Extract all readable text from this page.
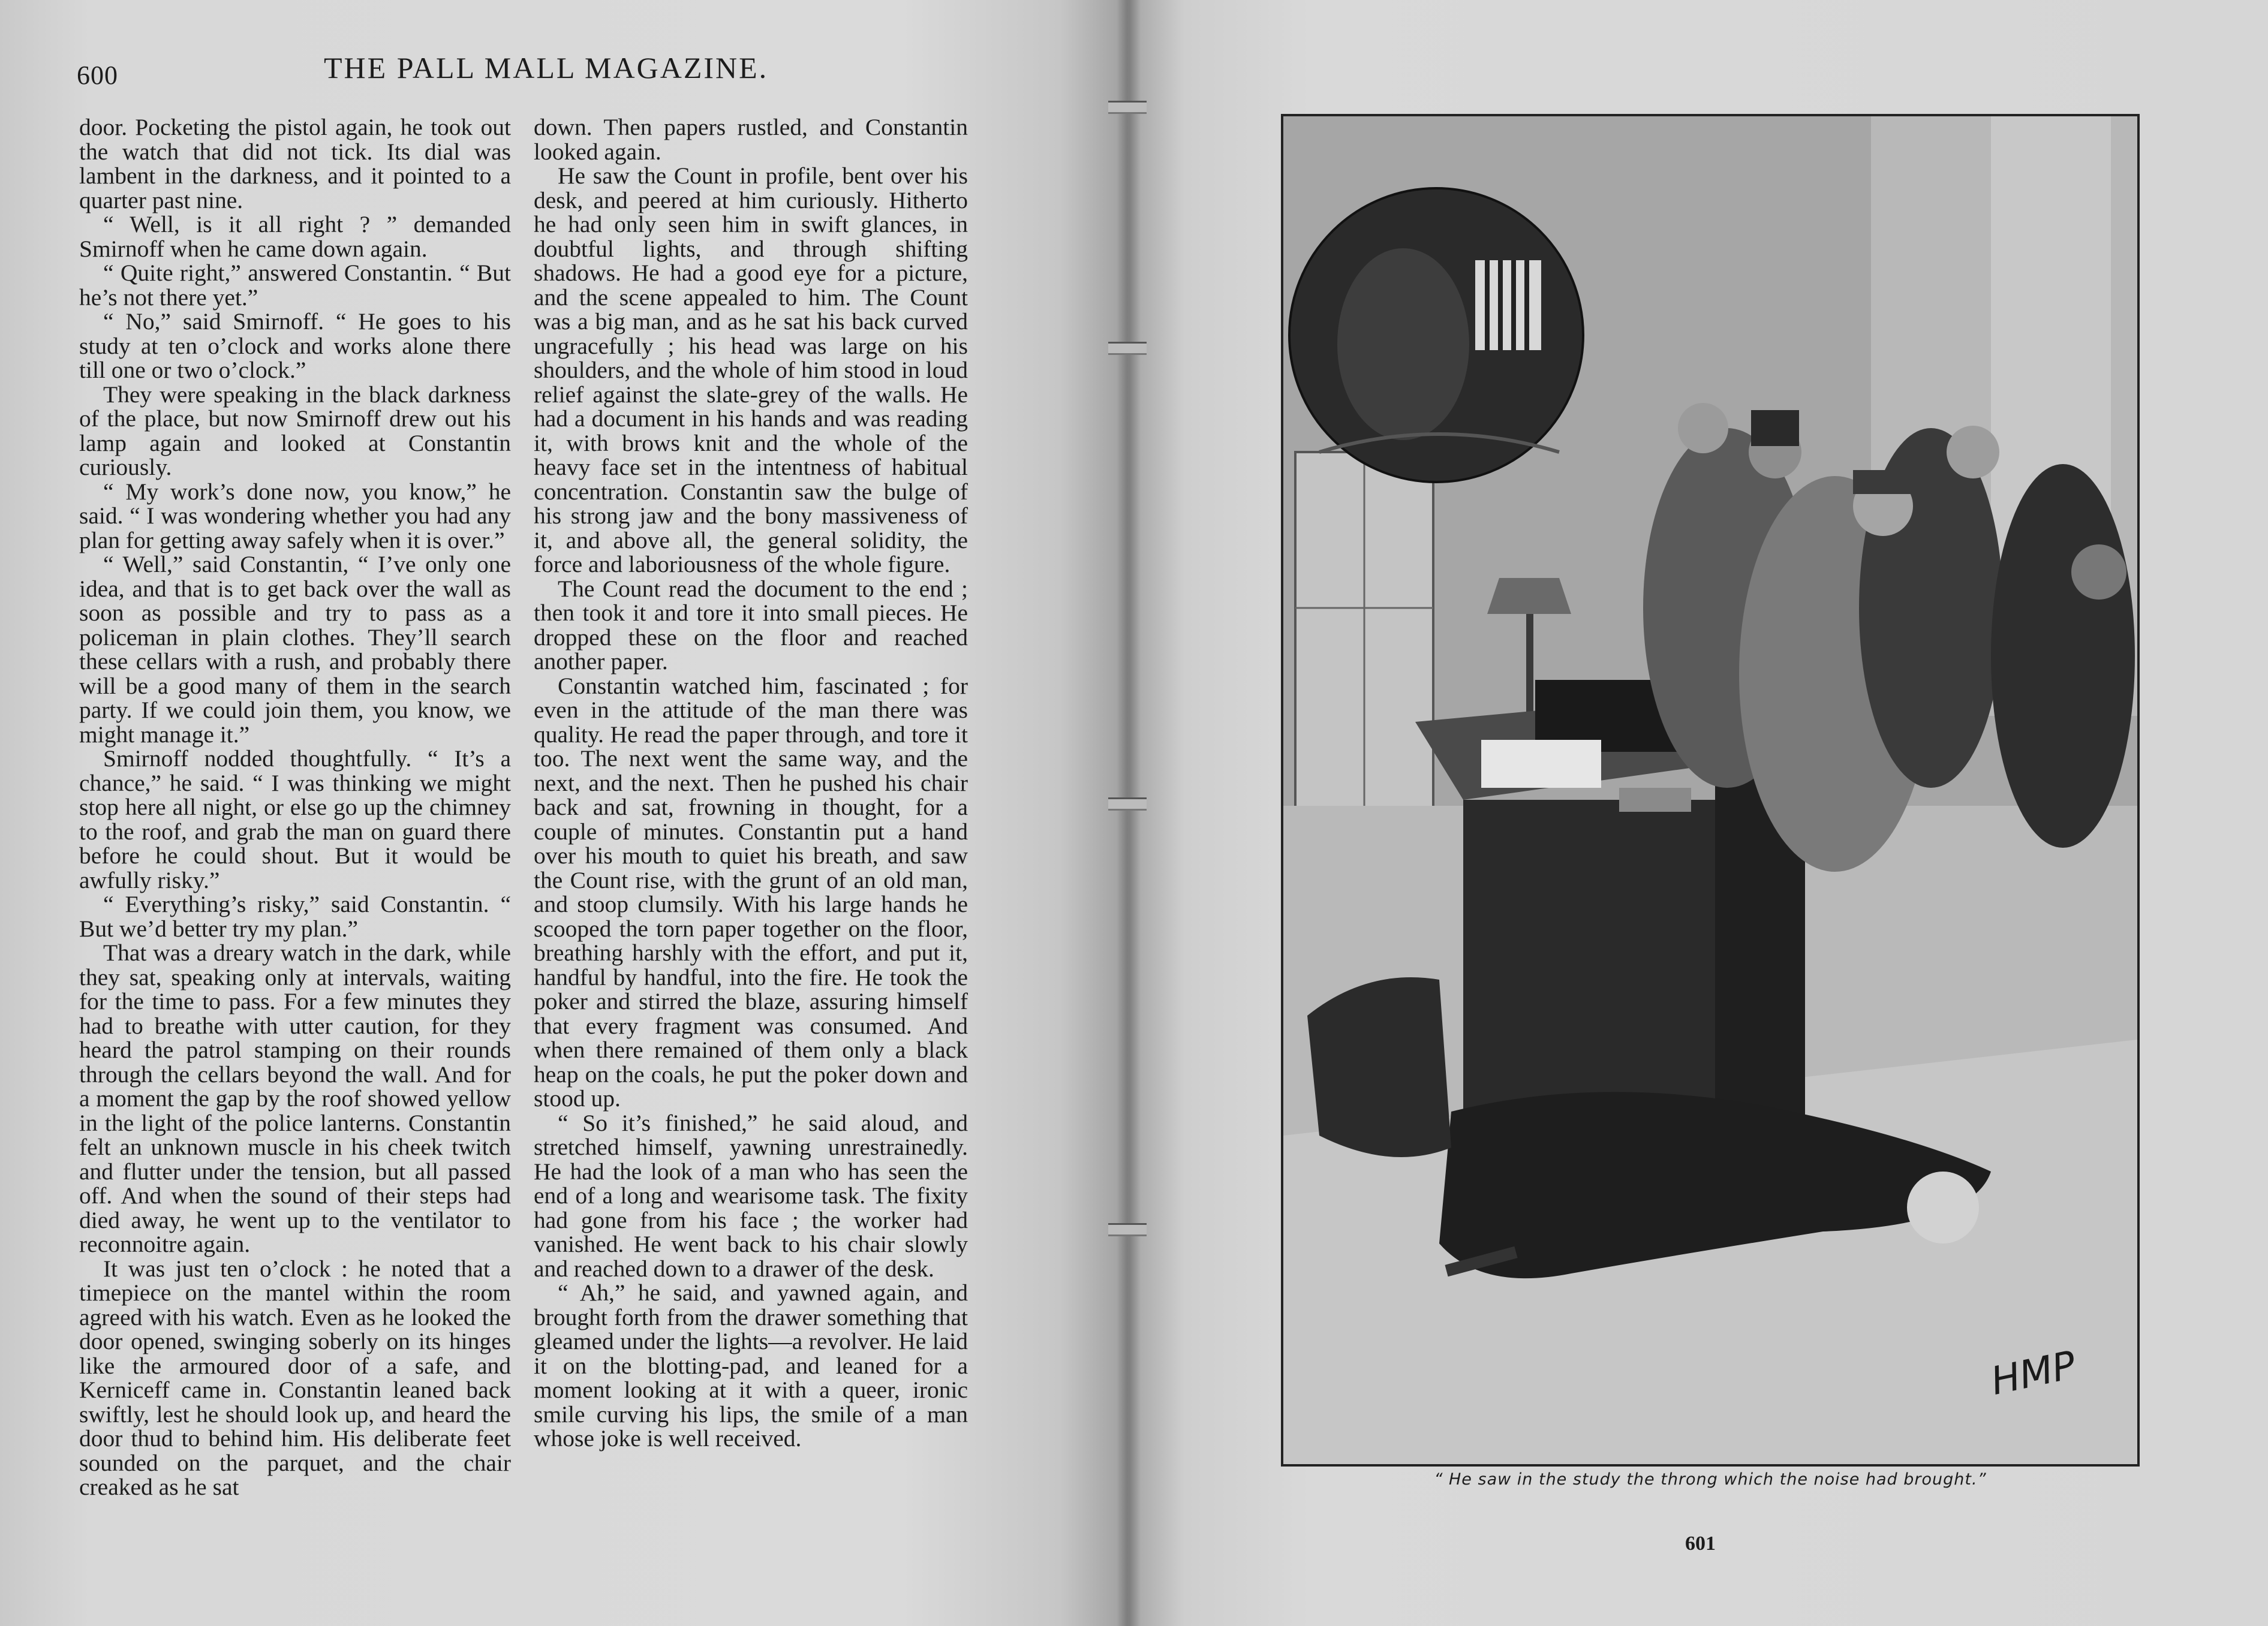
600	THE PALL MALL MAGAZINE.

door. Pocketing the pistol again, he took out the watch that did not tick. Its dial was lambent in the darkness, and it pointed to a quarter past nine.

“ Well, is it all right ? ” demanded Smirnoff when he came down again.

“ Quite right,” answered Constantin. “ But he’s not there yet.”

“ No,” said Smirnoff. “ He goes to his study at ten o’clock and works alone there till one or two o’clock.”

They were speaking in the black darkness of the place, but now Smirnoff drew out his lamp again and looked at Constantin curiously.

“ My work’s done now, you know,” he said. “ I was wondering whether you had any plan for getting away safely when it is over.”

“ Well,” said Constantin, “ I’ve only one idea, and that is to get back over the wall as soon as possible and try to pass as a policeman in plain clothes. They’ll search these cellars with a rush, and probably there will be a good many of them in the search party. If we could join them, you know, we might manage it.”

Smirnoff nodded thoughtfully. “ It’s a chance,” he said. “ I was thinking we might stop here all night, or else go up the chimney to the roof, and grab the man on guard there before he could shout. But it would be awfully risky.”

“ Everything’s risky,” said Constantin. “ But we’d better try my plan.”

That was a dreary watch in the dark, while they sat, speaking only at intervals, waiting for the time to pass. For a few minutes they had to breathe with utter caution, for they heard the patrol stamping on their rounds through the cellars beyond the wall. And for a moment the gap by the roof showed yellow in the light of the police lanterns. Constantin felt an unknown muscle in his cheek twitch and flutter under the tension, but all passed off. And when the sound of their steps had died away, he went up to the ventilator to reconnoitre again.

It was just ten o’clock : he noted that a timepiece on the mantel within the room agreed with his watch. Even as he looked the door opened, swinging soberly on its hinges like the armoured door of a safe, and Kerniceff came in. Constantin leaned back swiftly, lest he should look up, and heard the door thud to behind him. His deliberate feet sounded on the parquet, and the chair creaked as he sat

down. Then papers rustled, and Constantin looked again.

He saw the Count in profile, bent over his desk, and peered at him curiously. Hitherto he had only seen him in swift glances, in doubtful lights, and through shifting shadows. He had a good eye for a picture, and the scene appealed to him. The Count was a big man, and as he sat his back curved ungracefully ; his head was large on his shoulders, and the whole of him stood in loud relief against the slate-grey of the walls. He had a document in his hands and was reading it, with brows knit and the whole of the heavy face set in the intentness of habitual concentration. Constantin saw the bulge of his strong jaw and the bony massiveness of it, and above all, the general solidity, the force and laboriousness of the whole figure.

The Count read the document to the end ; then took it and tore it into small pieces. He dropped these on the floor and reached another paper.

Constantin watched him, fascinated ; for even in the attitude of the man there was quality. He read the paper through, and tore it too. The next went the same way, and the next, and the next. Then he pushed his chair back and sat, frowning in thought, for a couple of minutes. Constantin put a hand over his mouth to quiet his breath, and saw the Count rise, with the grunt of an old man, and stoop clumsily. With his large hands he scooped the torn paper together on the floor, breathing harshly with the effort, and put it, handful by handful, into the fire. He took the poker and stirred the blaze, assuring himself that every fragment was consumed. And when there remained of them only a black heap on the coals, he put the poker down and stood up.

“ So it’s finished,” he said aloud, and stretched himself, yawning unrestrainedly. He had the look of a man who has seen the end of a long and wearisome task. The fixity had gone from his face ; the worker had vanished. He went back to his chair slowly and reached down to a drawer of the desk.

“ Ah,” he said, and yawned again, and brought forth from the drawer something that gleamed under the lights—a revolver. He laid it on the blotting-pad, and leaned for a moment looking at it with a queer, ironic smile curving his lips, the smile of a man whose joke is well received.

HMP
“ He saw in the study the throng which the noise had brought.”
601
